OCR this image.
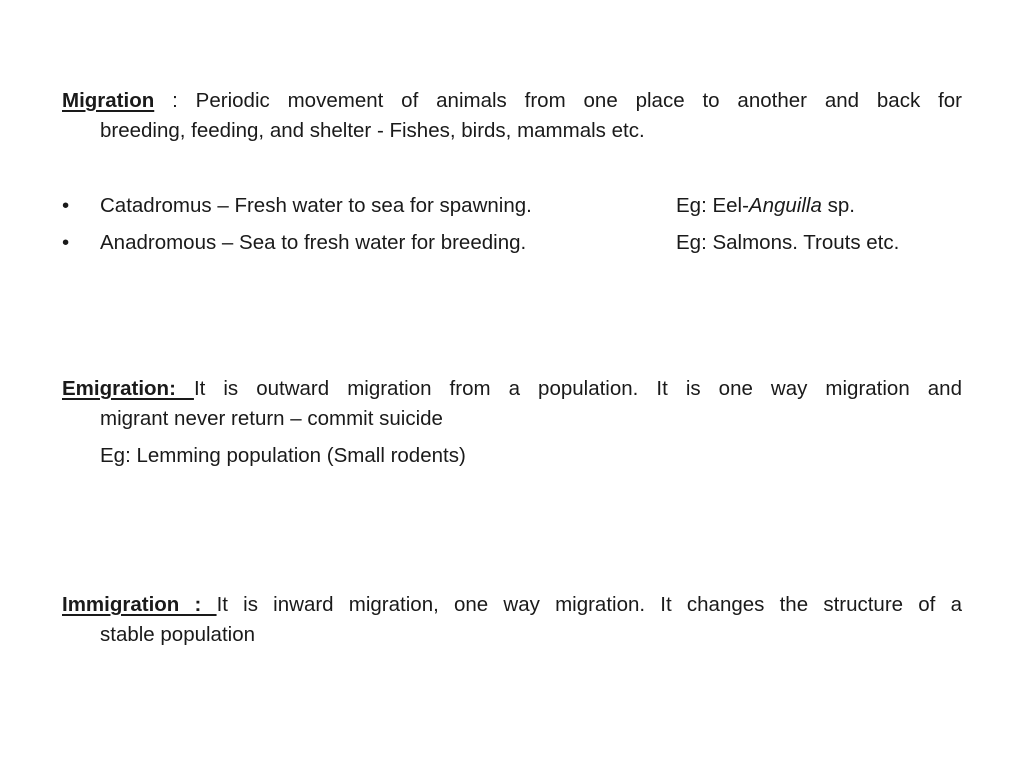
Migration : Periodic movement of animals from one place to another and back for
breeding, feeding, and shelter - Fishes, birds, mammals etc.
•	Catadromus – Fresh water to sea for spawning.	Eg: Eel-Anguilla sp.
•	Anadromous – Sea to fresh water for breeding.	Eg: Salmons. Trouts etc.
Emigration: It is outward migration from a population. It is one way migration and
migrant never return – commit suicide
Eg: Lemming population (Small rodents)
Immigration : It is inward migration, one way migration. It changes the structure of a
stable population
